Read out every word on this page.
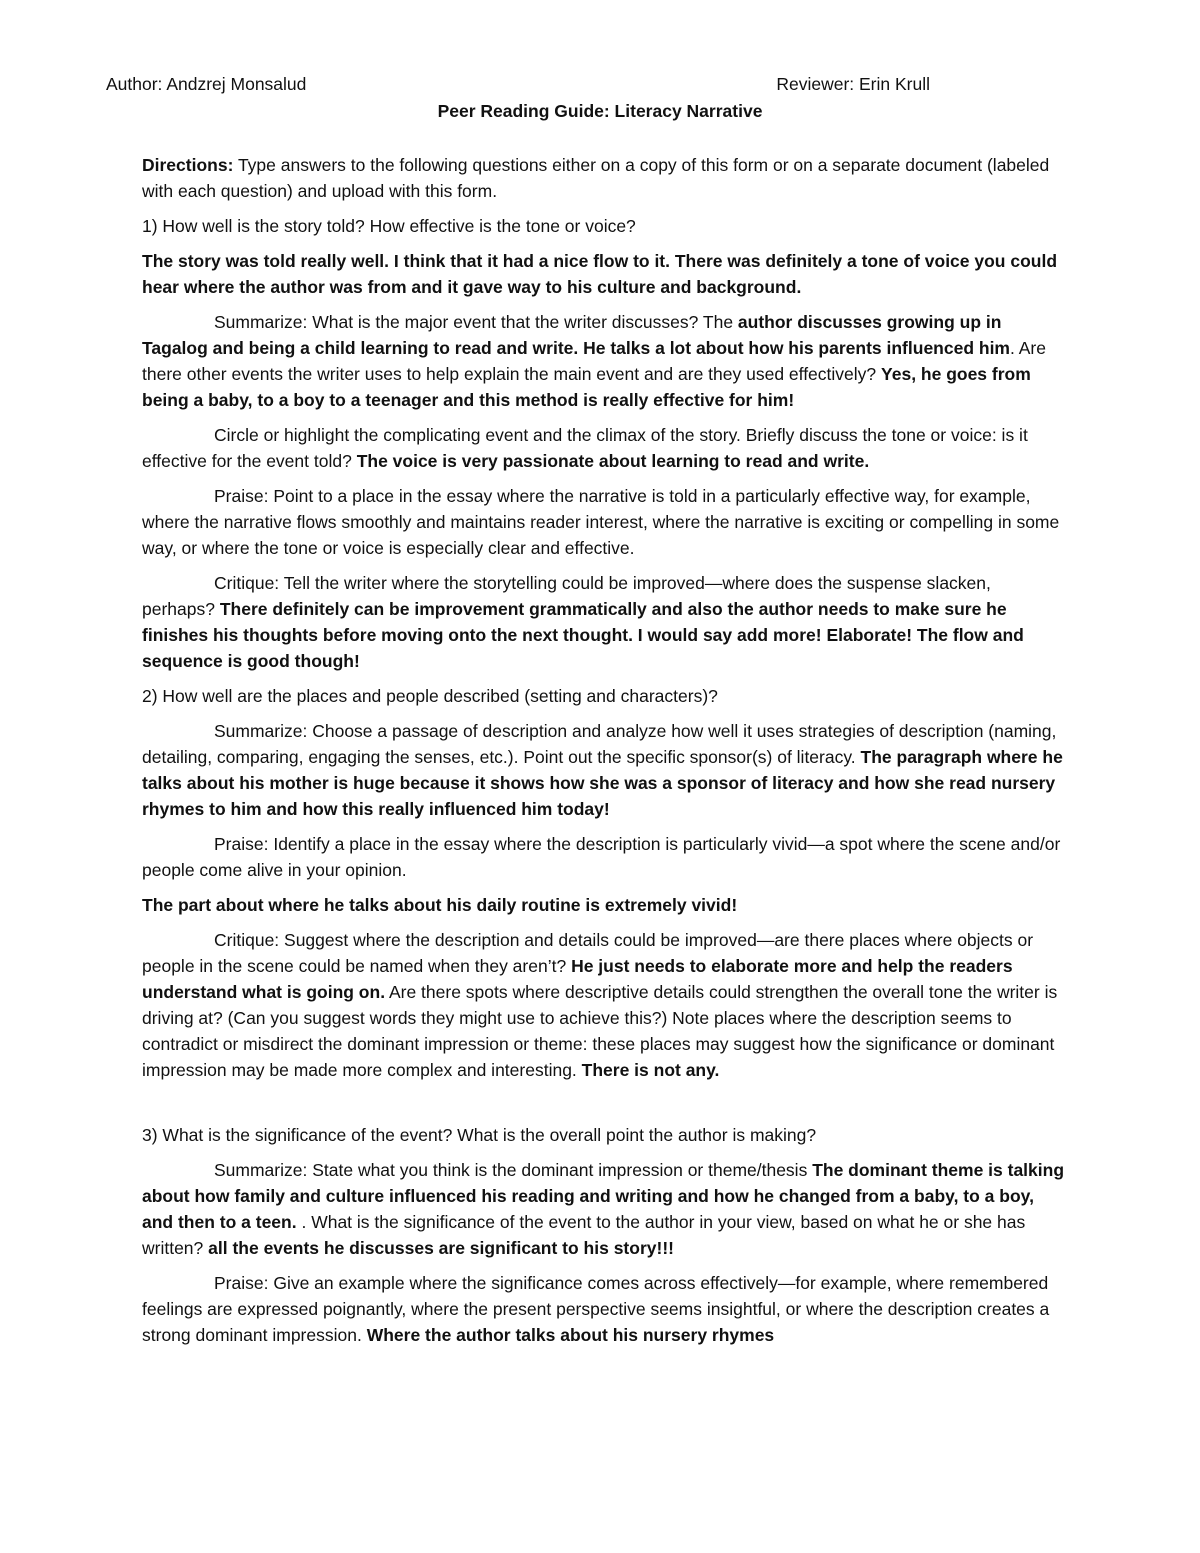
Author: Andzrej Monsalud	Reviewer: Erin Krull
Peer Reading Guide: Literacy Narrative

Directions: Type answers to the following questions either on a copy of this form or on a separate document (labeled with each question) and upload with this form.

1) How well is the story told? How effective is the tone or voice?

The story was told really well. I think that it had a nice flow to it. There was definitely a tone of voice you could hear where the author was from and it gave way to his culture and background.

Summarize: What is the major event that the writer discusses? The author discusses growing up in Tagalog and being a child learning to read and write. He talks a lot about how his parents influenced him. Are there other events the writer uses to help explain the main event and are they used effectively? Yes, he goes from being a baby, to a boy to a teenager and this method is really effective for him!

Circle or highlight the complicating event and the climax of the story. Briefly discuss the tone or voice: is it effective for the event told? The voice is very passionate about learning to read and write.

Praise: Point to a place in the essay where the narrative is told in a particularly effective way, for example, where the narrative flows smoothly and maintains reader interest, where the narrative is exciting or compelling in some way, or where the tone or voice is especially clear and effective.

Critique: Tell the writer where the storytelling could be improved—where does the suspense slacken, perhaps? There definitely can be improvement grammatically and also the author needs to make sure he finishes his thoughts before moving onto the next thought. I would say add more! Elaborate! The flow and sequence is good though!

2) How well are the places and people described (setting and characters)?

Summarize: Choose a passage of description and analyze how well it uses strategies of description (naming, detailing, comparing, engaging the senses, etc.). Point out the specific sponsor(s) of literacy. The paragraph where he talks about his mother is huge because it shows how she was a sponsor of literacy and how she read nursery rhymes to him and how this really influenced him today!

Praise: Identify a place in the essay where the description is particularly vivid—a spot where the scene and/or people come alive in your opinion.

The part about where he talks about his daily routine is extremely vivid!

Critique: Suggest where the description and details could be improved—are there places where objects or people in the scene could be named when they aren’t? He just needs to elaborate more and help the readers understand what is going on. Are there spots where descriptive details could strengthen the overall tone the writer is driving at? (Can you suggest words they might use to achieve this?) Note places where the description seems to contradict or misdirect the dominant impression or theme: these places may suggest how the significance or dominant impression may be made more complex and interesting. There is not any.

3) What is the significance of the event? What is the overall point the author is making?

Summarize: State what you think is the dominant impression or theme/thesis The dominant theme is talking about how family and culture influenced his reading and writing and how he changed from a baby, to a boy, and then to a teen. . What is the significance of the event to the author in your view, based on what he or she has written? all the events he discusses are significant to his story!!!

Praise: Give an example where the significance comes across effectively—for example, where remembered feelings are expressed poignantly, where the present perspective seems insightful, or where the description creates a strong dominant impression. Where the author talks about his nursery rhymes
